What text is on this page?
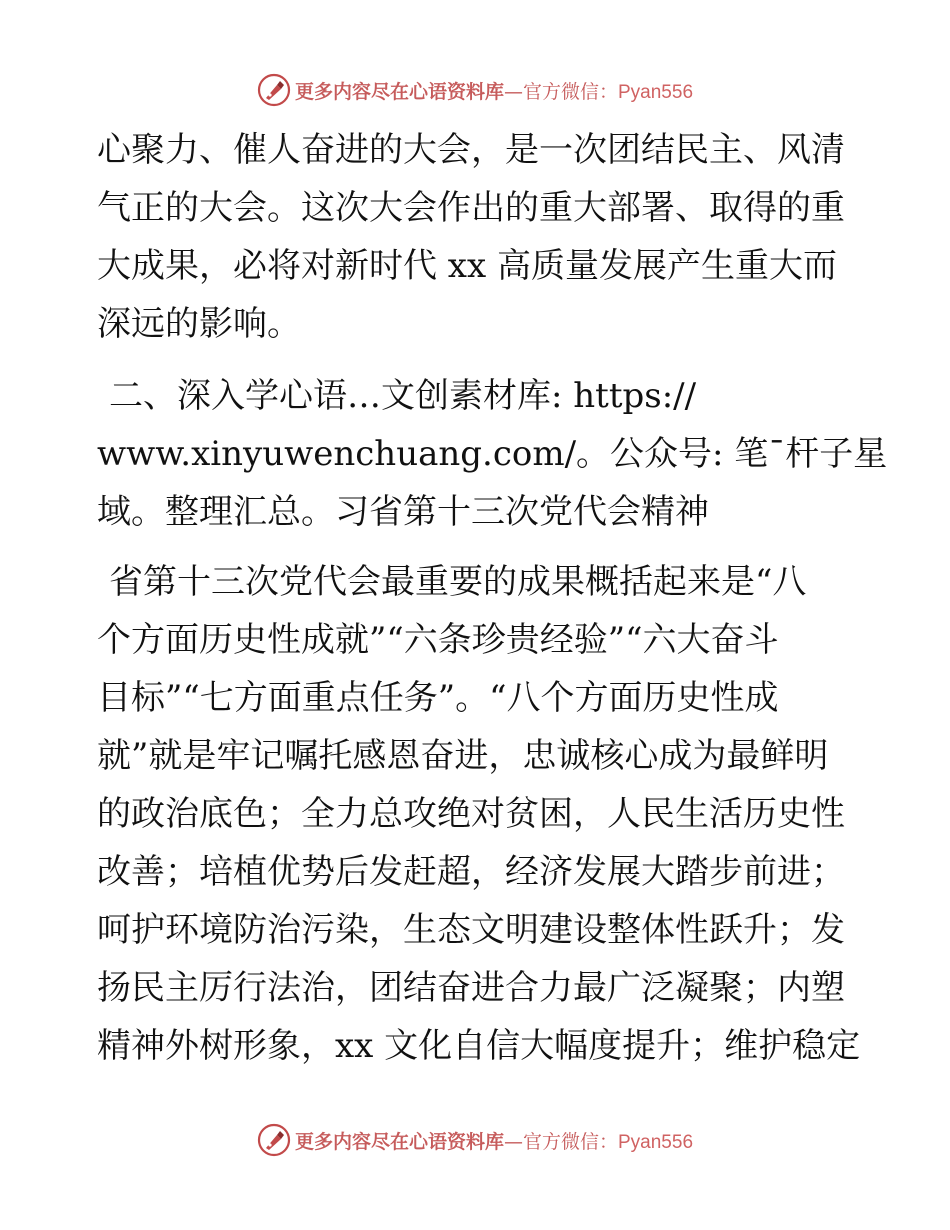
更多内容尽在心语资料库—官方微信：Pyan556
心聚力、催人奋进的大会，是一次团结民主、风清
气正的大会。这次大会作出的重大部署、取得的重
大成果，必将对新时代 xx 高质量发展产生重大而
深远的影响。
二、深入学心语…文创素材库: https://
www.xinyuwenchuang.com/。公众号: 笔¯杆子星
域。整理汇总。习省第十三次党代会精神
省第十三次党代会最重要的成果概括起来是“八
个方面历史性成就”“六条珍贵经验”“六大奋斗
目标”“七方面重点任务”。“八个方面历史性成
就”就是牢记嘱托感恩奋进，忠诚核心成为最鲜明
的政治底色；全力总攻绝对贫困，人民生活历史性
改善；培植优势后发赶超，经济发展大踏步前进；
呵护环境防治污染，生态文明建设整体性跃升；发
扬民主厉行法治，团结奋进合力最广泛凝聚；内塑
精神外树形象，xx 文化自信大幅度提升；维护稳定
更多内容尽在心语资料库—官方微信：Pyan556
